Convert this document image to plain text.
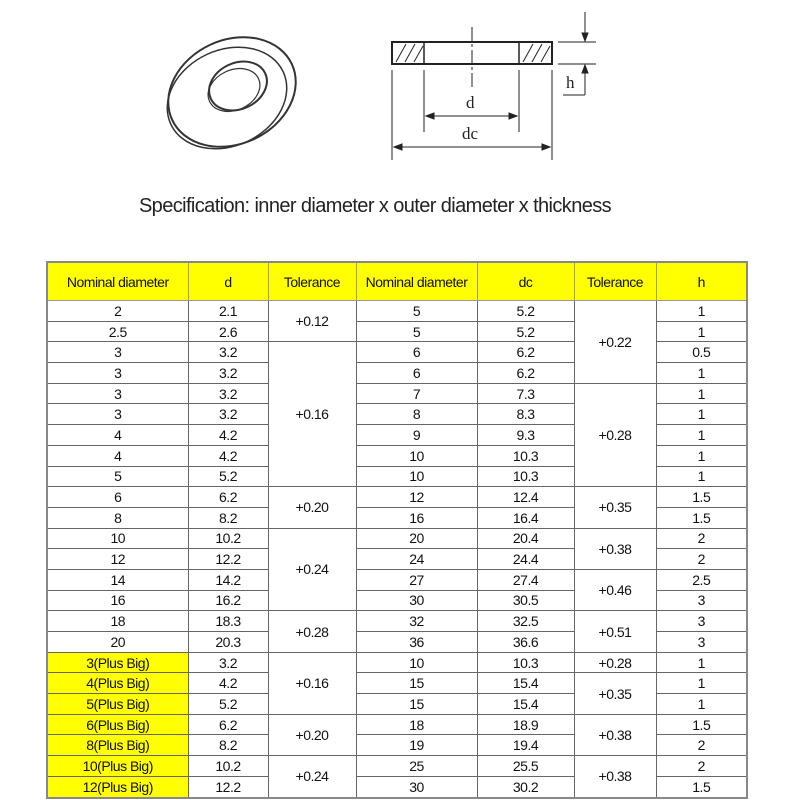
d
dc
h
Specification: inner diameter x outer diameter x thickness
Nominal diameter	d	Tolerance	Nominal diameter	dc	Tolerance	h
2	2.1	+0.12	5	5.2	+0.22	1
2.5	2.6		5	5.2		1
3	3.2	+0.16	6	6.2		0.5
3	3.2		6	6.2		1
3	3.2		7	7.3	+0.28	1
3	3.2		8	8.3		1
4	4.2		9	9.3		1
4	4.2		10	10.3		1
5	5.2		10	10.3		1
6	6.2	+0.20	12	12.4	+0.35	1.5
8	8.2		16	16.4		1.5
10	10.2	+0.24	20	20.4	+0.38	2
12	12.2		24	24.4		2
14	14.2		27	27.4	+0.46	2.5
16	16.2		30	30.5		3
18	18.3	+0.28	32	32.5	+0.51	3
20	20.3		36	36.6		3
3(Plus Big)	3.2	+0.16	10	10.3	+0.28	1
4(Plus Big)	4.2		15	15.4	+0.35	1
5(Plus Big)	5.2		15	15.4		1
6(Plus Big)	6.2	+0.20	18	18.9	+0.38	1.5
8(Plus Big)	8.2		19	19.4		2
10(Plus Big)	10.2	+0.24	25	25.5	+0.38	2
12(Plus Big)	12.2		30	30.2		1.5
